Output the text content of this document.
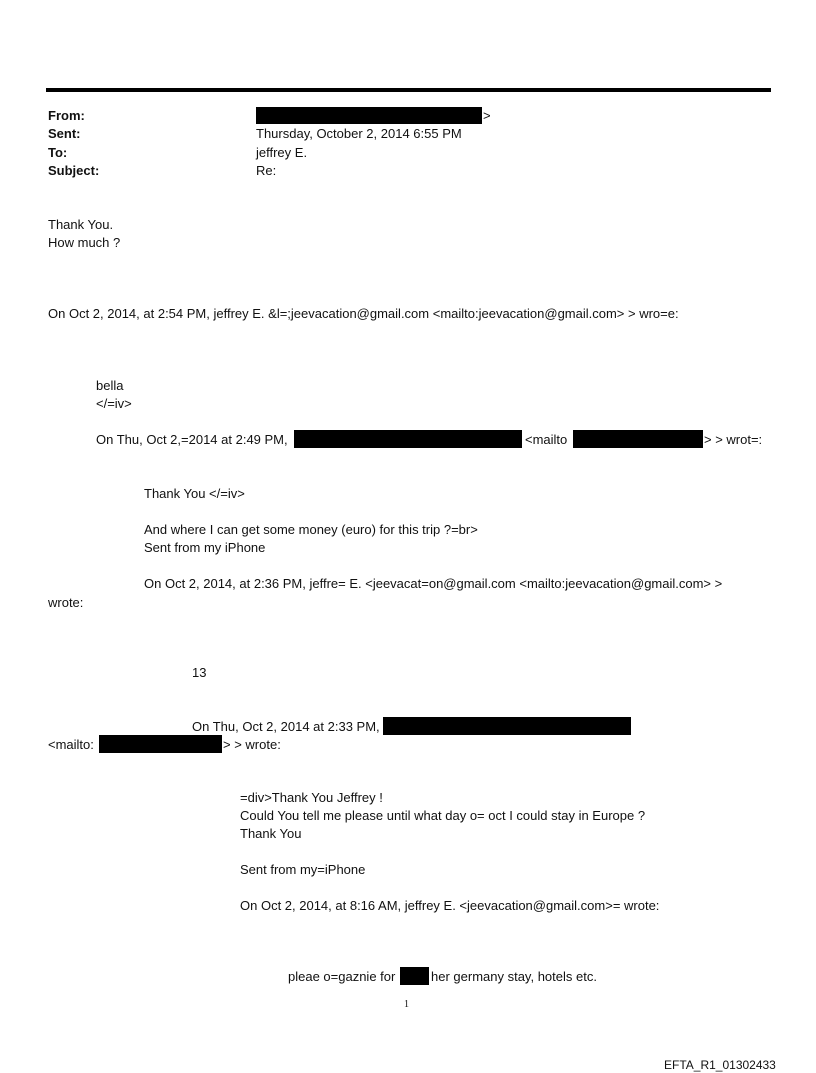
From:	>
Sent:	Thursday, October 2, 2014 6:55 PM
To:	jeffrey E.
Subject:	Re:
Thank You.
How much ?
On Oct 2, 2014, at 2:54 PM, jeffrey E. &l=;jeevacation@gmail.com <mailto:jeevacation@gmail.com> > wro=e:
bella
</=iv>
On Thu, Oct 2,=2014 at 2:49 PM,	<mailto	> > wrot=:
Thank You </=iv>
And where I can get some money (euro) for this trip ?=br>
Sent from my iPhone
On Oct 2, 2014, at 2:36 PM, jeffre= E. <jeevacat=on@gmail.com <mailto:jeevacation@gmail.com> >
wrote:
13
On Thu, Oct 2, 2014 at 2:33 PM,
<mailto:	> > wrote:
=div>Thank You Jeffrey !
Could You tell me please until what day o= oct I could stay in Europe ?
Thank You
Sent from my=iPhone
On Oct 2, 2014, at 8:16 AM, jeffrey E. <jeevacation@gmail.com>= wrote:
pleae o=gaznie for	her germany stay, hotels etc.
1
EFTA_R1_01302433
